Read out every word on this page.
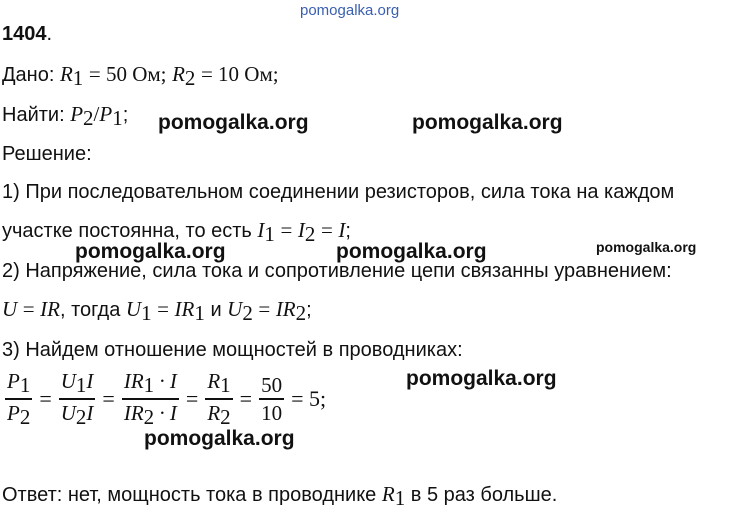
pomogalka.org
1404.
Дано: $R_1 = 50$ Ом; $R_2 = 10$ Ом;
Найти: $P_2/P_1$; pomogalka.org	pomogalka.org
Решение:
1) При последовательном соединении резисторов, сила тока на каждом
участке постоянна, то есть $I_1 = I_2 = I$;
pomogalka.org	pomogalka.org	pomogalka.org
2) Напряжение, сила тока и сопротивление цепи связанны уравнением:
U = IR, тогда $U_1 = IR_1$ и $U_2 = IR_2$;
3) Найдем отношение мощностей в проводниках:
pomogalka.org
$\frac{P_1}{P_2} = \frac{U_1I}{U_2I} = \frac{IR_1 \cdot I}{IR_2 \cdot I} = \frac{R_1}{R_2} = \frac{50}{10} = 5$;
pomogalka.org
Ответ: нет, мощность тока в проводнике $R_1$ в 5 раз больше.
